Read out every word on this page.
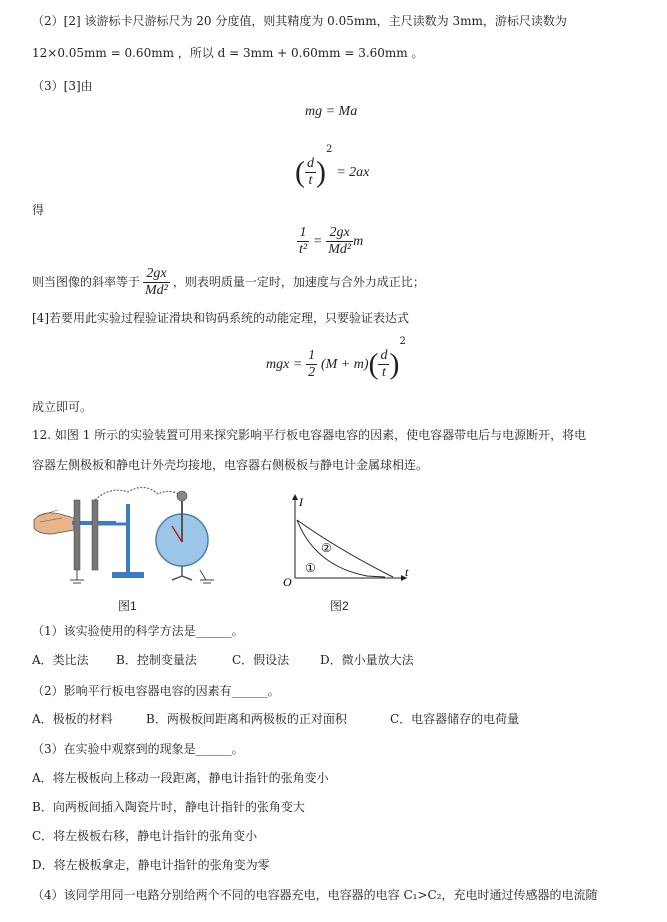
（2）[2] 该游标卡尺游标尺为 20 分度值，则其精度为 0.05mm，主尺读数为 3mm，游标尺读数为
12×0.05mm = 0.60mm ，所以 d = 3mm + 0.60mm = 3.60mm 。
（3）[3]由
mg = Ma
( $\frac{d}{t} )^2 = 2ax$
得
$\frac{1}{\text{t²}} = \frac{2gx}{\text{Md²}}$ m
则当图像的斜率等于 $\frac{2gx}{\text{Md²}}$ ，则表明质量一定时，加速度与合外力成正比；
[4]若要用此实验过程验证滑块和钩码系统的动能定理，只要验证表达式
mgx = $\frac{1}{2} (M + m)( \frac{d}{t} )^2$
成立即可。
12. 如图 1 所示的实验装置可用来探究影响平行板电容器电容的因素，使电容器带电后与电源断开，将电
容器左侧极板和静电计外壳均接地，电容器右侧极板与静电计金属球相连。
图1
I
t
O
①
②
图2
（1）该实验使用的科学方法是______。
A．类比法 B．控制变量法	C．假设法	D．微小量放大法
（2）影响平行板电容器电容的因素有______。
A．极板的材料	B．两极板间距离和两极板的正对面积	C．电容器储存的电荷量
（3）在实验中观察到的现象是______。
A．将左极板向上移动一段距离，静电计指针的张角变小
B．向两板间插入陶瓷片时，静电计指针的张角变大
C．将左极板右移，静电计指针的张角变小
D．将左极板拿走，静电计指针的张角变为零
（4）该同学用同一电路分别给两个不同的电容器充电，电容器的电容 C₁>C₂，充电时通过传感器的电流随
